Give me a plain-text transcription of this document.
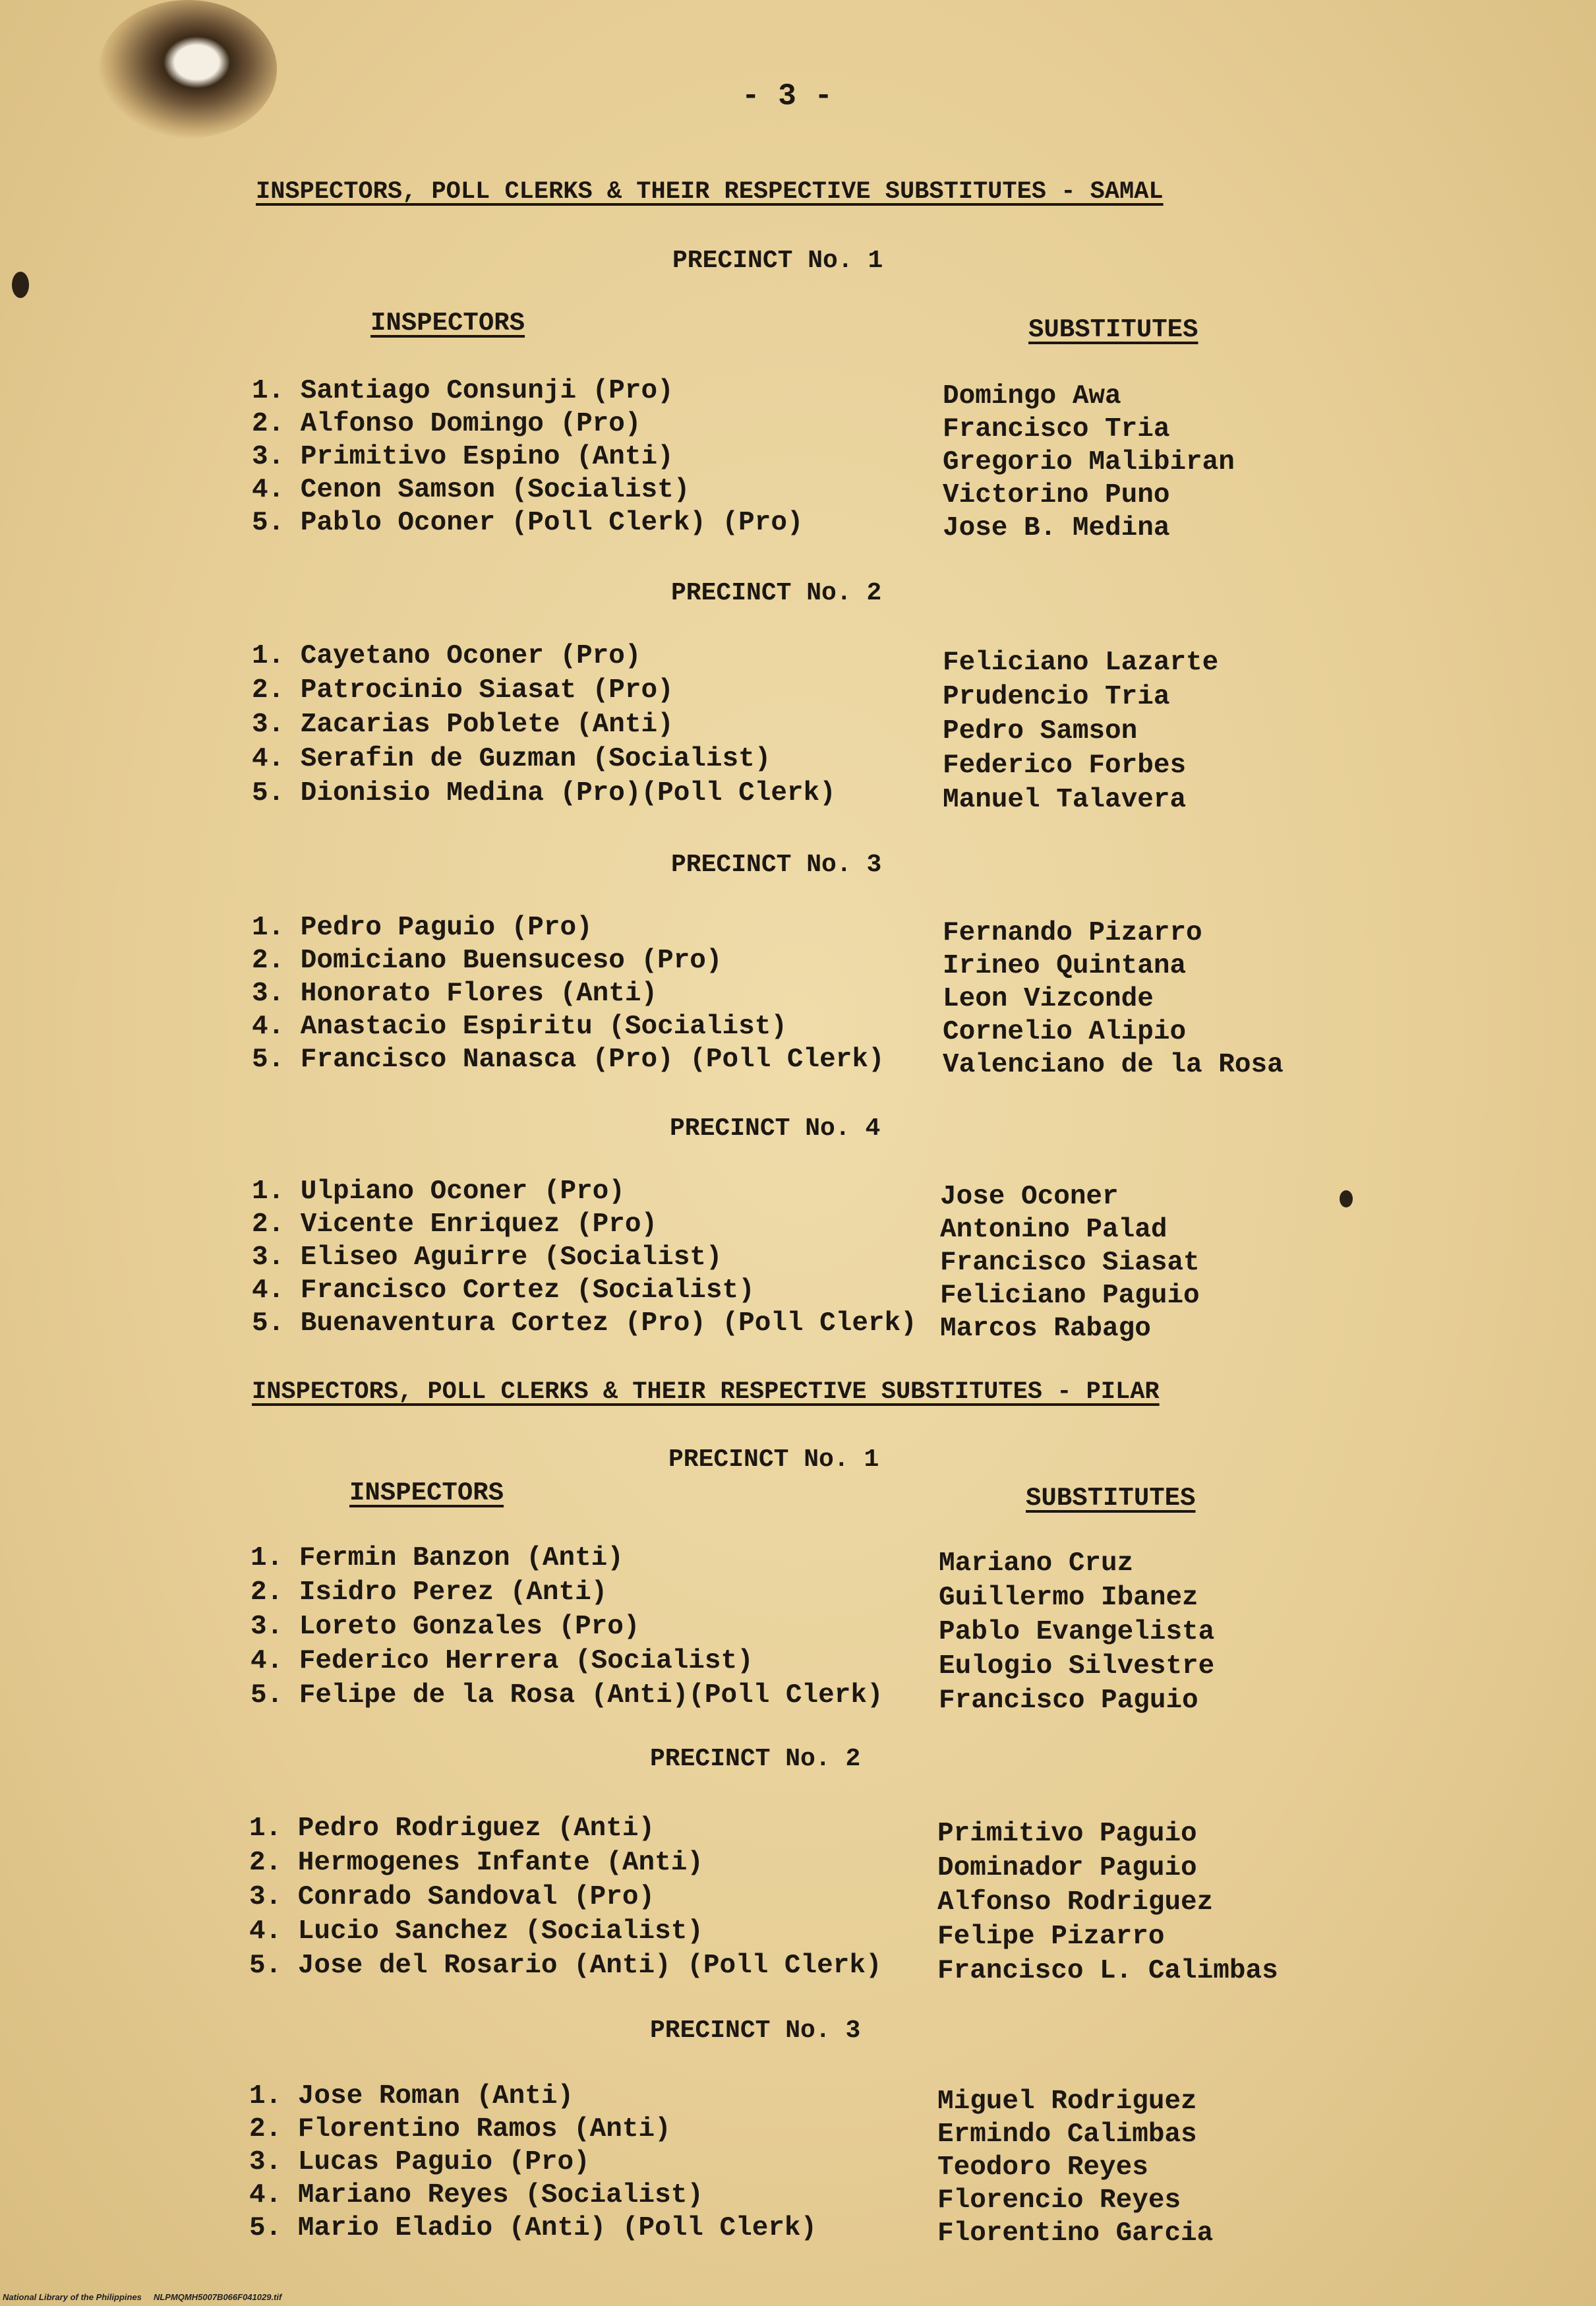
- 3 -
INSPECTORS, POLL CLERKS & THEIR RESPECTIVE SUBSTITUTES - SAMAL
INSPECTORS	SUBSTITUTES
PRECINCT No. 1
1. Santiago Consunji (Pro)	Domingo Awa
2. Alfonso Domingo (Pro)	Francisco Tria
3. Primitivo Espino (Anti)	Gregorio Malibiran
4. Cenon Samson (Socialist)	Victorino Puno
5. Pablo Oconer (Poll Clerk) (Pro)	Jose B. Medina
PRECINCT No. 2
1. Cayetano Oconer (Pro)	Feliciano Lazarte
2. Patrocinio Siasat (Pro)	Prudencio Tria
3. Zacarias Poblete (Anti)	Pedro Samson
4. Serafin de Guzman (Socialist)	Federico Forbes
5. Dionisio Medina (Pro)(Poll Clerk)	Manuel Talavera
PRECINCT No. 3
1. Pedro Paguio (Pro)	Fernando Pizarro
2. Domiciano Buensuceso (Pro)	Irineo Quintana
3. Honorato Flores (Anti)	Leon Vizconde
4. Anastacio Espiritu (Socialist)	Cornelio Alipio
5. Francisco Nanasca (Pro) (Poll Clerk) Valenciano de la Rosa
PRECINCT No. 4
1. Ulpiano Oconer (Pro)	Jose Oconer
2. Vicente Enriquez (Pro)	Antonino Palad
3. Eliseo Aguirre (Socialist)	Francisco Siasat
4. Francisco Cortez (Socialist)	Feliciano Paguio
5. Buenaventura Cortez (Pro) (Poll Clerk) Marcos Rabago
INSPECTORS, POLL CLERKS & THEIR RESPECTIVE SUBSTITUTES - PILAR
INSPECTORS	SUBSTITUTES
PRECINCT No. 1
1. Fermin Banzon (Anti)	Mariano Cruz
2. Isidro Perez (Anti)	Guillermo Ibanez
3. Loreto Gonzales (Pro)	Pablo Evangelista
4. Federico Herrera (Socialist)	Eulogio Silvestre
5. Felipe de la Rosa (Anti)(Poll Clerk) Francisco Paguio
PRECINCT No. 2
1. Pedro Rodriguez (Anti)	Primitivo Paguio
2. Hermogenes Infante (Anti)	Dominador Paguio
3. Conrado Sandoval (Pro)	Alfonso Rodriguez
4. Lucio Sanchez (Socialist)	Felipe Pizarro
5. Jose del Rosario (Anti) (Poll Clerk) Francisco L. Calimbas
PRECINCT No. 3
1. Jose Roman (Anti)	Miguel Rodriguez
2. Florentino Ramos (Anti)	Ermindo Calimbas
3. Lucas Paguio (Pro)	Teodoro Reyes
4. Mariano Reyes (Socialist)	Florencio Reyes
5. Mario Eladio (Anti) (Poll Clerk)	Florentino Garcia
National Library of the Philippines     NLPMQMH5007B066F041029.tif
